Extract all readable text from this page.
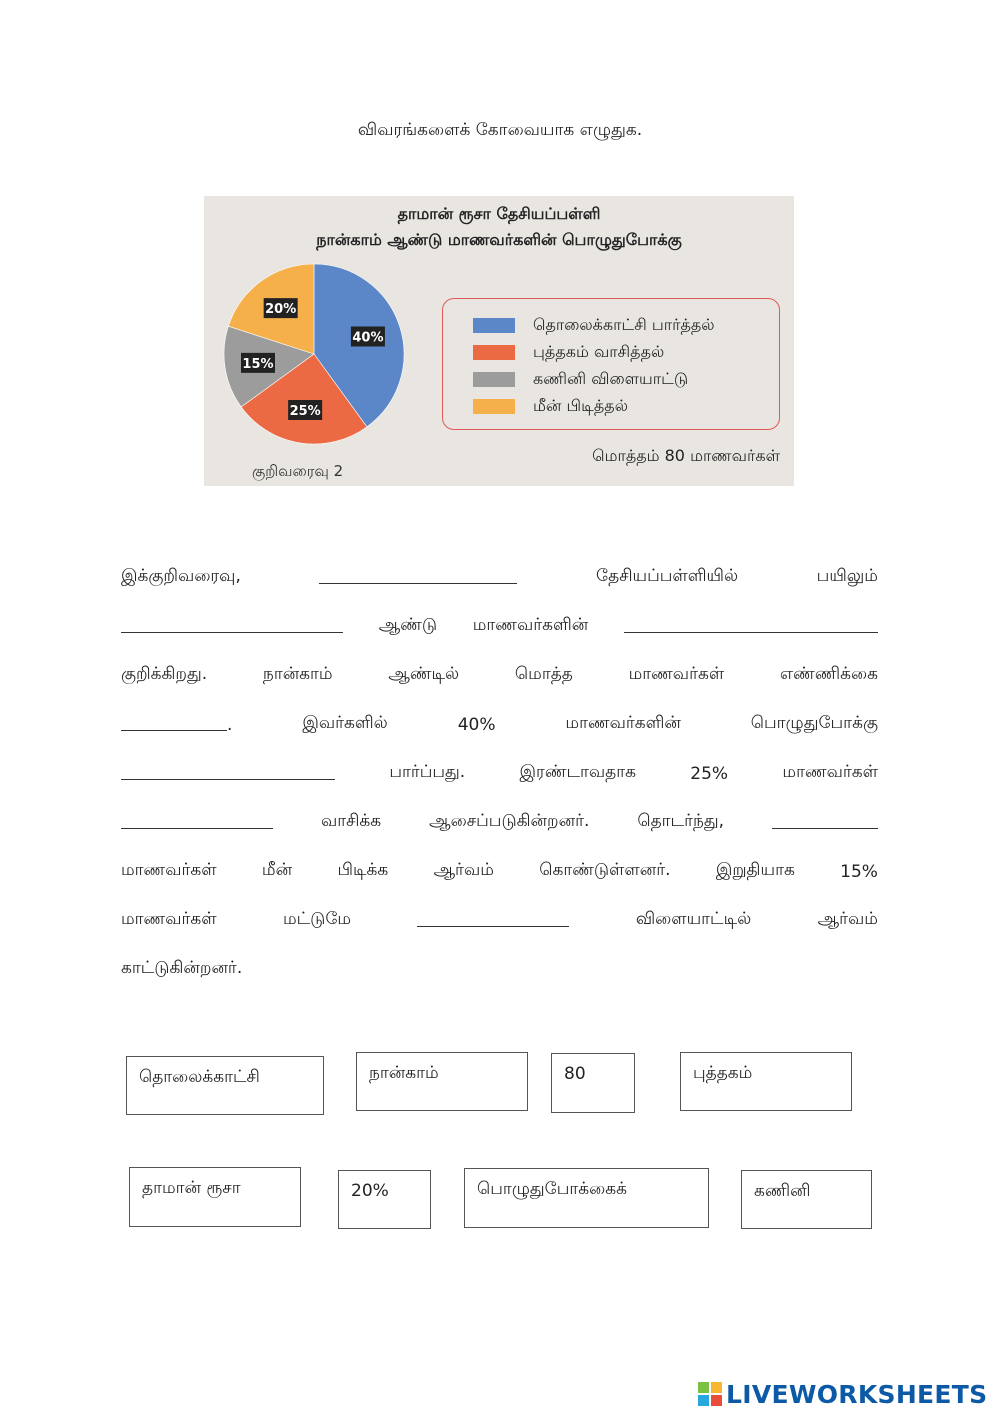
விவரங்களைக் கோவையாக எழுதுக.
தாமான் ரூசா தேசியப்பள்ளி
நான்காம் ஆண்டு மாணவர்களின் பொழுதுபோக்கு
40%
25%
15%
20%
தொலைக்காட்சி பார்த்தல்
புத்தகம் வாசித்தல்
கணினி விளையாட்டு
மீன் பிடித்தல்
மொத்தம் 80 மாணவர்கள்
குறிவரைவு 2
இக்குறிவரைவு,	தேசியப்பள்ளியில்	பயிலும்
ஆண்டு மாணவர்களின்
குறிக்கிறது.	நான்காம்	ஆண்டில்	மொத்த	மாணவர்கள்	எண்ணிக்கை
.	இவர்களில்	40%	மாணவர்களின்	பொழுதுபோக்கு
பார்ப்பது.	இரண்டாவதாக	25%	மாணவர்கள்
வாசிக்க	ஆசைப்படுகின்றனர்.	தொடர்ந்து,
மாணவர்கள்	மீன்	பிடிக்க	ஆர்வம்	கொண்டுள்ளனர்.	இறுதியாக	15%
மாணவர்கள்	மட்டுமே	விளையாட்டில்	ஆர்வம்
காட்டுகின்றனர்.
தொலைக்காட்சி	நான்காம்	80	புத்தகம்
தாமான் ரூசா	20%	பொழுதுபோக்கைக்	கணினி
LIVEWORKSHEETS
